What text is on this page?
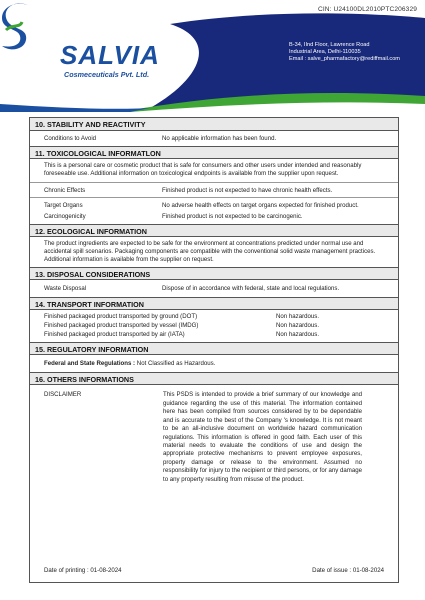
CIN: U24100DL2010PTC206329
SALVIA
Cosmeceuticals Pvt. Ltd.
B-34, IInd Floor, Lawrence Road
Industrial Area, Delhi-110035
Email : salve_pharmafactory@rediffmail.com
10. STABILITY AND REACTIVITY
Conditions to Avoid	No applicable information has been found.
11. TOXICOLOGICAL INFORMATLON
This is a personal care or cosmetic product that is safe for consumers and other users under intended and reasonably foreseeable use. Additional information on toxicological endpoints is available from the supplier upon request.
Chronic Effects	Finished product is not expected to have chronic health effects.
Target Organs	No adverse health effects on target organs expected for finished product.
Carcinogenicity	Finished product is not expected to be carcinogenic.
12. ECOLOGICAL INFORMATION
The product ingredients are expected to be safe for the environment at concentrations predicted under normal use and accidental spill scenarios. Packaging components are compatible with the conventional solid waste management practices. Additional information is available from the supplier on request.
13. DISPOSAL CONSIDERATIONS
Waste Disposal	Dispose of in accordance with federal, state and local regulations.
14. TRANSPORT INFORMATION
Finished packaged product transported by ground (DOT)	Non hazardous.
Finished packaged product transported by vessel (IMDG)	Non hazardous.
Finished packaged product transported by air (IATA)	Non hazardous.
15. REGULATORY INFORMATION
Federal and State Regulations : Not Classified as Hazardous.
16. OTHERS INFORMATIONS
DISCLAIMER	This PSDS is intended to provide a brief summary of our knowledge and guidance regarding the use of this material. The information contained here has been compiled from sources considered by to be dependable and is accurate to the best of the Company 's knowledge. It is not meant to be an all-inclusive document on worldwide hazard communication regulations. This information is offered in good faith. Each user of this material needs to evaluate the conditions of use and design the appropriate protective mechanisms to prevent employee exposures, property damage or release to the environment. Assumed no responsibility for injury to the recipient or third persons, or for any damage to any property resulting from misuse of the product.
Date of printing : 01-08-2024	Date of issue : 01-08-2024
